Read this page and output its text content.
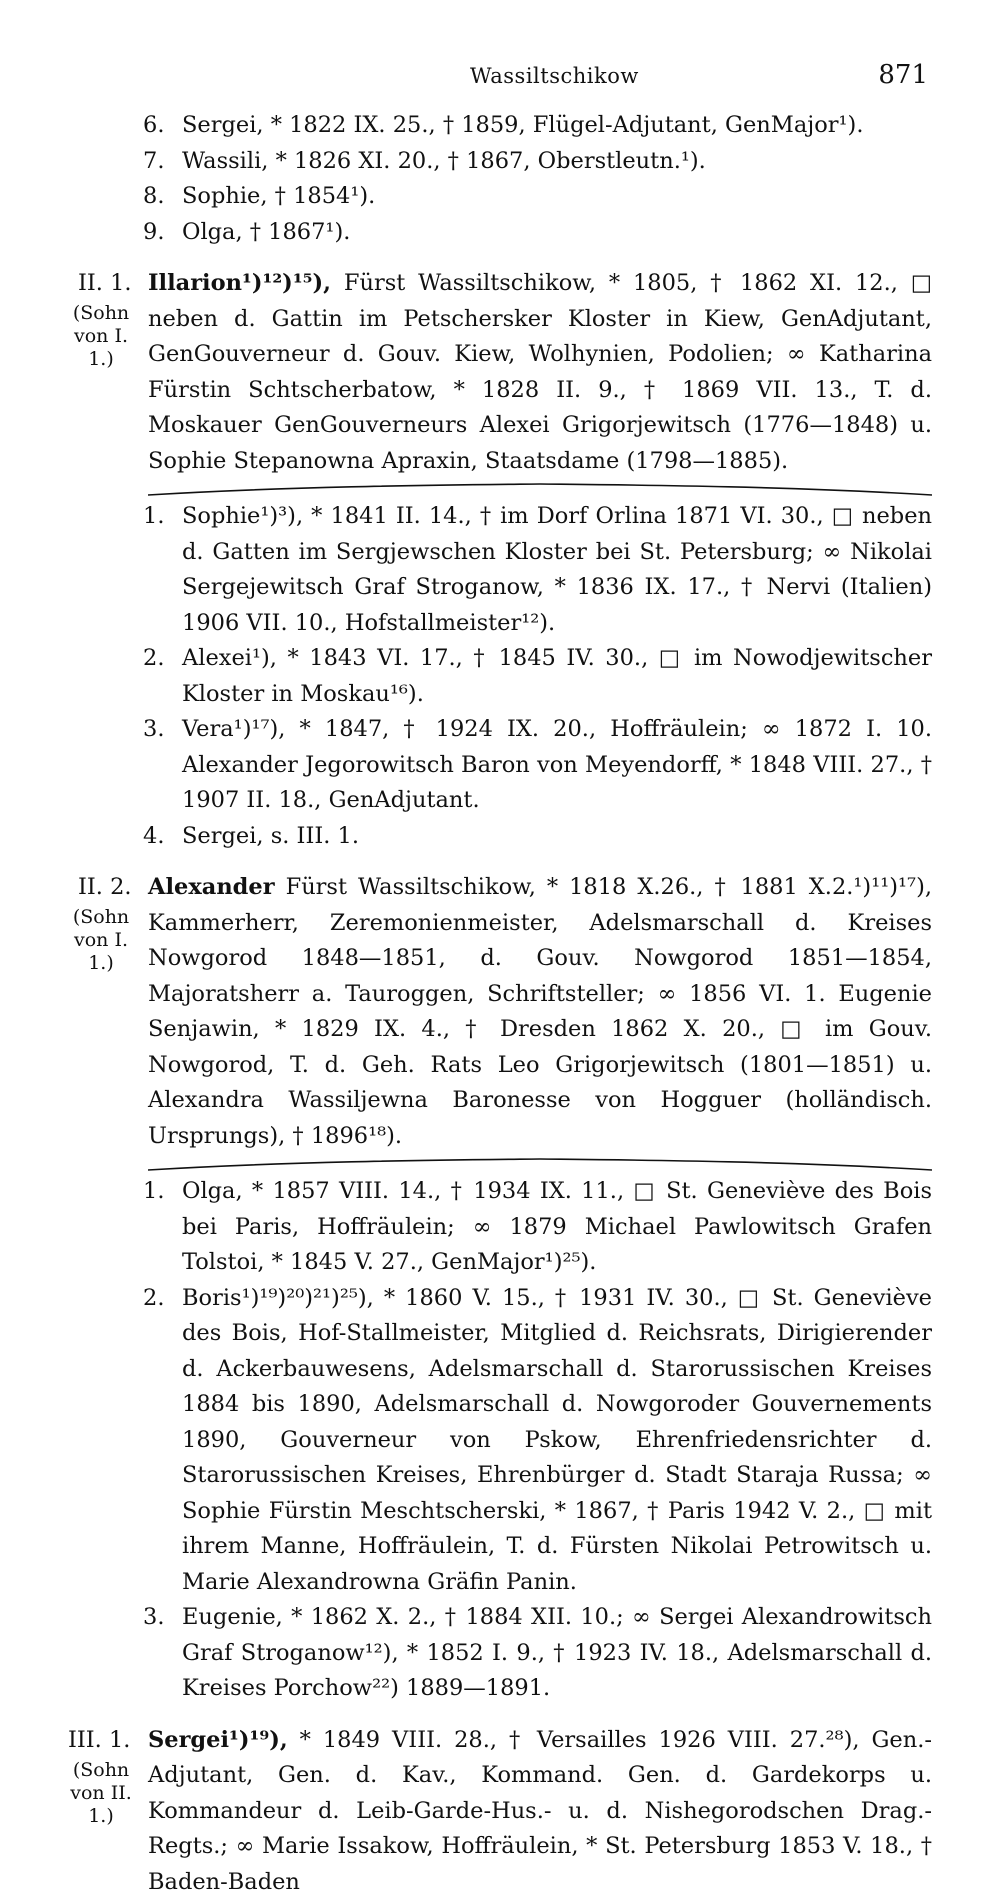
Wassiltschikow	871
6. Sergei, * 1822 IX. 25., † 1859, Flügel-Adjutant, GenMajor¹).
7. Wassili, * 1826 XI. 20., † 1867, Oberstleutn.¹).
8. Sophie, † 1854¹).
9. Olga, † 1867¹).
II. 1.
(Sohn von I. 1.)
Illarion¹)¹²)¹⁵), Fürst Wassiltschikow, * 1805, † 1862 XI. 12., □ neben d. Gattin im Petschersker Kloster in Kiew, GenAdjutant, GenGouverneur d. Gouv. Kiew, Wolhynien, Podolien; ∞ Katharina Fürstin Schtscherbatow, * 1828 II. 9., † 1869 VII. 13., T. d. Moskauer GenGouverneurs Alexei Grigorjewitsch (1776—1848) u. Sophie Stepanowna Apraxin, Staatsdame (1798—1885).
1. Sophie¹)³), * 1841 II. 14., † im Dorf Orlina 1871 VI. 30., □ neben d. Gatten im Sergjewschen Kloster bei St. Petersburg; ∞ Nikolai Sergejewitsch Graf Stroganow, * 1836 IX. 17., † Nervi (Italien) 1906 VII. 10., Hofstallmeister¹²).
2. Alexei¹), * 1843 VI. 17., † 1845 IV. 30., □ im Nowodjewitscher Kloster in Moskau¹⁶).
3. Vera¹)¹⁷), * 1847, † 1924 IX. 20., Hoffräulein; ∞ 1872 I. 10. Alexander Jegorowitsch Baron von Meyendorff, * 1848 VIII. 27., † 1907 II. 18., GenAdjutant.
4. Sergei, s. III. 1.
II. 2.
(Sohn von I. 1.)
Alexander Fürst Wassiltschikow, * 1818 X.26., † 1881 X.2.¹)¹¹)¹⁷), Kammerherr, Zeremonienmeister, Adelsmarschall d. Kreises Nowgorod 1848—1851, d. Gouv. Nowgorod 1851—1854, Majoratsherr a. Tauroggen, Schriftsteller; ∞ 1856 VI. 1. Eugenie Senjawin, * 1829 IX. 4., † Dresden 1862 X. 20., □ im Gouv. Nowgorod, T. d. Geh. Rats Leo Grigorjewitsch (1801—1851) u. Alexandra Wassiljewna Baronesse von Hogguer (holländisch. Ursprungs), † 1896¹⁸).
1. Olga, * 1857 VIII. 14., † 1934 IX. 11., □ St. Geneviève des Bois bei Paris, Hoffräulein; ∞ 1879 Michael Pawlowitsch Grafen Tolstoi, * 1845 V. 27., GenMajor¹)²⁵).
2. Boris¹)¹⁹)²⁰)²¹)²⁵), * 1860 V. 15., † 1931 IV. 30., □ St. Geneviève des Bois, Hof-Stallmeister, Mitglied d. Reichsrats, Dirigierender d. Ackerbauwesens, Adelsmarschall d. Starorussischen Kreises 1884 bis 1890, Adelsmarschall d. Nowgoroder Gouvernements 1890, Gouverneur von Pskow, Ehrenfriedensrichter d. Starorussischen Kreises, Ehrenbürger d. Stadt Staraja Russa; ∞ Sophie Fürstin Meschtscherski, * 1867, † Paris 1942 V. 2., □ mit ihrem Manne, Hoffräulein, T. d. Fürsten Nikolai Petrowitsch u. Marie Alexandrowna Gräfin Panin.
3. Eugenie, * 1862 X. 2., † 1884 XII. 10.; ∞ Sergei Alexandrowitsch Graf Stroganow¹²), * 1852 I. 9., † 1923 IV. 18., Adelsmarschall d. Kreises Porchow²²) 1889—1891.
III. 1.
(Sohn von II. 1.)
Sergei¹)¹⁹), * 1849 VIII. 28., † Versailles 1926 VIII. 27.²⁸), Gen.-Adjutant, Gen. d. Kav., Kommand. Gen. d. Gardekorps u. Kommandeur d. Leib-Garde-Hus.- u. d. Nishegorodschen Drag.-Regts.; ∞ Marie Issakow, Hoffräulein, * St. Petersburg 1853 V. 18., † Baden-Baden
